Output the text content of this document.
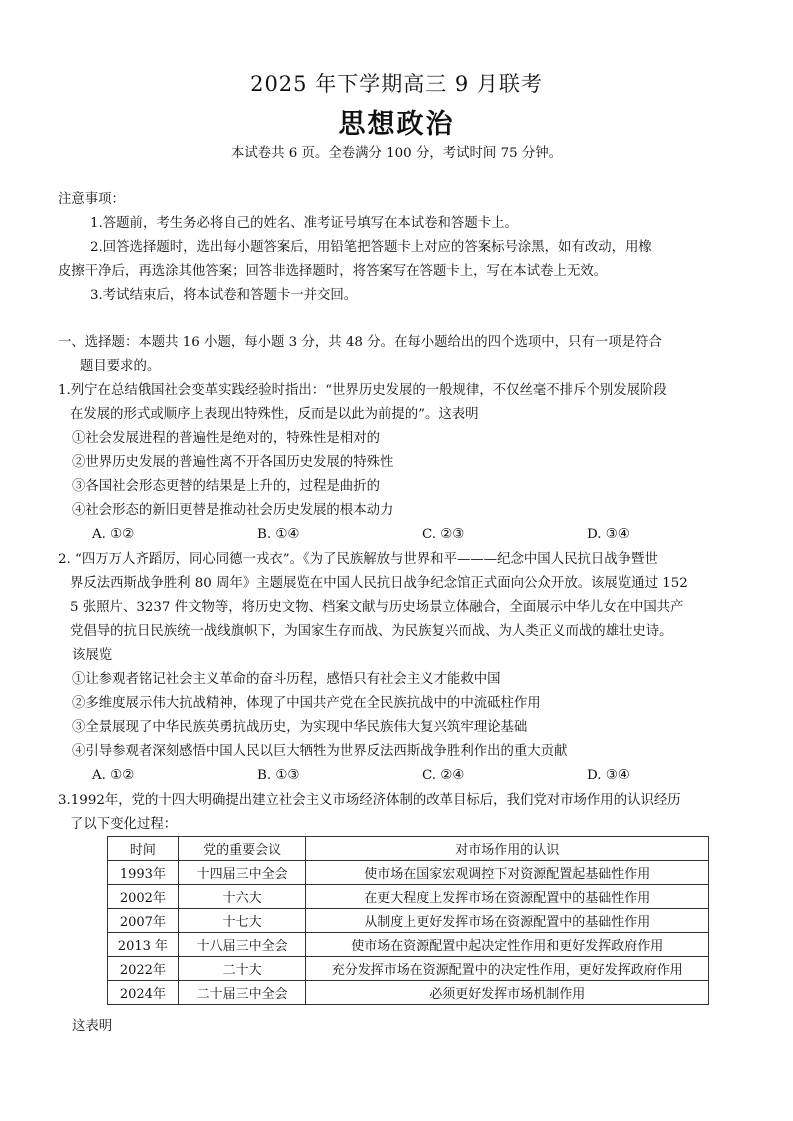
2025 年下学期高三 9 月联考
思想政治
本试卷共 6 页。全卷满分 100 分，考试时间 75 分钟。
注意事项：
1.答题前，考生务必将自己的姓名、准考证号填写在本试卷和答题卡上。
2.回答选择题时，选出每小题答案后，用铅笔把答题卡上对应的答案标号涂黑，如有改动，用橡
皮擦干净后，再选涂其他答案；回答非选择题时，将答案写在答题卡上，写在本试卷上无效。
3.考试结束后，将本试卷和答题卡一并交回。
一、选择题：本题共 16 小题，每小题 3 分，共 48 分。在每小题给出的四个选项中，只有一项是符合
题目要求的。
1.列宁在总结俄国社会变革实践经验时指出：“世界历史发展的一般规律，不仅丝毫不排斥个别发展阶段
在发展的形式或顺序上表现出特殊性，反而是以此为前提的”。这表明
①社会发展进程的普遍性是绝对的，特殊性是相对的
②世界历史发展的普遍性离不开各国历史发展的特殊性
③各国社会形态更替的结果是上升的，过程是曲折的
④社会形态的新旧更替是推动社会历史发展的根本动力
A. ①②	B. ①④	C. ②③	D. ③④
2. “四万万人齐蹈厉，同心同德一戎衣”。《为了民族解放与世界和平———纪念中国人民抗日战争暨世
界反法西斯战争胜利 80 周年》主题展览在中国人民抗日战争纪念馆正式面向公众开放。该展览通过 152
5 张照片、3237 件文物等，将历史文物、档案文献与历史场景立体融合，全面展示中华儿女在中国共产
党倡导的抗日民族统一战线旗帜下，为国家生存而战、为民族复兴而战、为人类正义而战的雄壮史诗。
该展览
①让参观者铭记社会主义革命的奋斗历程，感悟只有社会主义才能救中国
②多维度展示伟大抗战精神，体现了中国共产党在全民族抗战中的中流砥柱作用
③全景展现了中华民族英勇抗战历史，为实现中华民族伟大复兴筑牢理论基础
④引导参观者深刻感悟中国人民以巨大牺牲为世界反法西斯战争胜利作出的重大贡献
A. ①②	B. ①③	C. ②④	D. ③④
3.1992年，党的十四大明确提出建立社会主义市场经济体制的改革目标后，我们党对市场作用的认识经历
了以下变化过程：
时间	党的重要会议	对市场作用的认识
1993年	十四届三中全会	使市场在国家宏观调控下对资源配置起基础性作用
2002年	十六大	在更大程度上发挥市场在资源配置中的基础性作用
2007年	十七大	从制度上更好发挥市场在资源配置中的基础性作用
2013 年	十八届三中全会	使市场在资源配置中起决定性作用和更好发挥政府作用
2022年	二十大	充分发挥市场在资源配置中的决定性作用，更好发挥政府作用
2024年	二十届三中全会	必须更好发挥市场机制作用
这表明
